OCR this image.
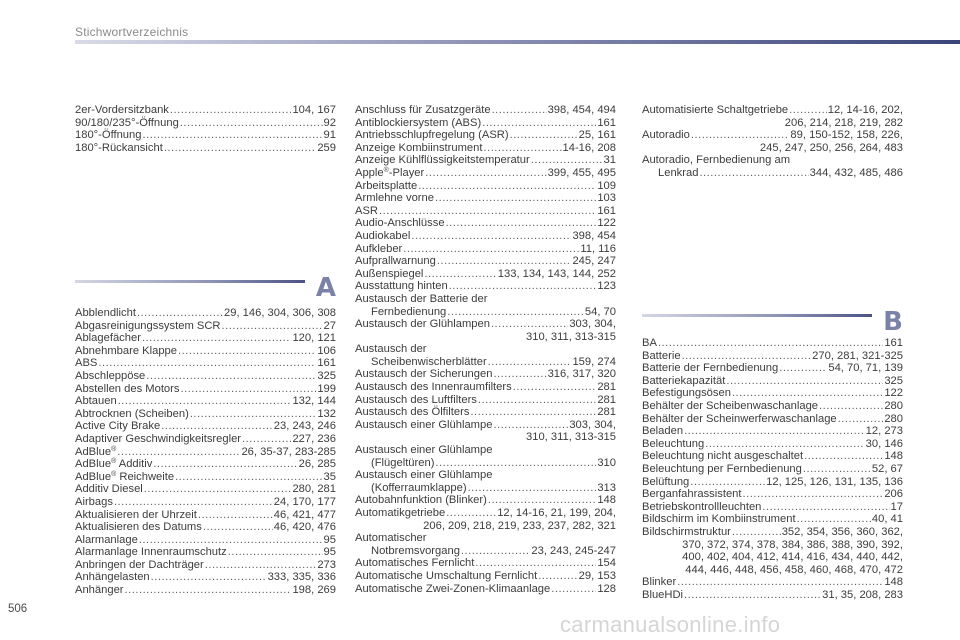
Stichwortverzeichnis
2er-Vordersitzbank .....	104, 167
90/180/235°-Öffnung .....	92
180°-Öffnung .....	91
180°-Rückansicht .....	259
A
Abblendlicht .....	29, 146, 304, 306, 308
Abgasreinigungssystem SCR .....	27
Ablagefächer .....	120, 121
Abnehmbare Klappe .....	106
ABS .....	161
Abschleppöse .....	325
Abstellen des Motors .....	199
Abtauen .....	132, 144
Abtrocknen (Scheiben) .....	132
Active City Brake .....	23, 243, 246
Adaptiver Geschwindigkeitsregler .....	227, 236
AdBlue® .....	26, 35-37, 283-285
AdBlue® Additiv .....	26, 285
AdBlue® Reichweite .....	35
Additiv Diesel .....	280, 281
Airbags .....	24, 170, 177
Aktualisieren der Uhrzeit .....	46, 421, 477
Aktualisieren des Datums .....	46, 420, 476
Alarmanlage .....	95
Alarmanlage Innenraumschutz .....	95
Anbringen der Dachträger .....	273
Anhängelasten .....	333, 335, 336
Anhänger .....	198, 269
Anschluss für Zusatzgeräte .....	398, 454, 494
Antiblockiersystem (ABS) .....	161
Antriebsschlupfregelung (ASR) .....	25, 161
Anzeige Kombiinstrument .....	14-16, 208
Anzeige Kühlflüssigkeitstemperatur .....	31
Apple®-Player .....	399, 455, 495
Arbeitsplatte .....	109
Armlehne vorne .....	103
ASR .....	161
Audio-Anschlüsse .....	122
Audiokabel .....	398, 454
Aufkleber .....	11, 116
Aufprallwarnung .....	245, 247
Außenspiegel .....	133, 134, 143, 144, 252
Ausstattung hinten .....	123
Austausch der Batterie der
Fernbedienung .....	54, 70
Austausch der Glühlampen .....	303, 304,
310, 311, 313-315
Austausch der
Scheibenwischerblätter .....	159, 274
Austausch der Sicherungen .....	316, 317, 320
Austausch des Innenraumfilters .....	281
Austausch des Luftfilters .....	281
Austausch des Ölfilters .....	281
Austausch einer Glühlampe .....	303, 304,
310, 311, 313-315
Austausch einer Glühlampe
(Flügeltüren) .....	310
Austausch einer Glühlampe
(Kofferraumklappe) .....	313
Autobahnfunktion (Blinker) .....	148
Automatikgetriebe .....	12, 14-16, 21, 199, 204,
206, 209, 218, 219, 233, 237, 282, 321
Automatischer
Notbremsvorgang .....	23, 243, 245-247
Automatisches Fernlicht .....	154
Automatische Umschaltung Fernlicht .....	29, 153
Automatische Zwei-Zonen-Klimaanlage .....	128
Automatisierte Schaltgetriebe .....	12, 14-16, 202,
206, 214, 218, 219, 282
Autoradio .....	89, 150-152, 158, 226,
245, 247, 250, 256, 264, 483
Autoradio, Fernbedienung am
Lenkrad .....	344, 432, 485, 486
B
BA .....	161
Batterie .....	270, 281, 321-325
Batterie der Fernbedienung .....	54, 70, 71, 139
Batteriekapazität .....	325
Befestigungsösen .....	122
Behälter der Scheibenwaschanlage .....	280
Behälter der Scheinwerferwaschanlage .....	280
Beladen .....	12, 273
Beleuchtung .....	30, 146
Beleuchtung nicht ausgeschaltet .....	148
Beleuchtung per Fernbedienung .....	52, 67
Belüftung .....	12, 125, 126, 131, 135, 136
Berganfahrassistent .....	206
Betriebskontrollleuchten .....	17
Bildschirm im Kombiinstrument .....	40, 41
Bildschirmstruktur .....	352, 354, 356, 360, 362,
370, 372, 374, 378, 384, 386, 388, 390, 392,
400, 402, 404, 412, 414, 416, 434, 440, 442,
444, 446, 448, 456, 458, 460, 468, 470, 472
Blinker .....	148
BlueHDi .....	31, 35, 208, 283
506
carmanualsonline.info
